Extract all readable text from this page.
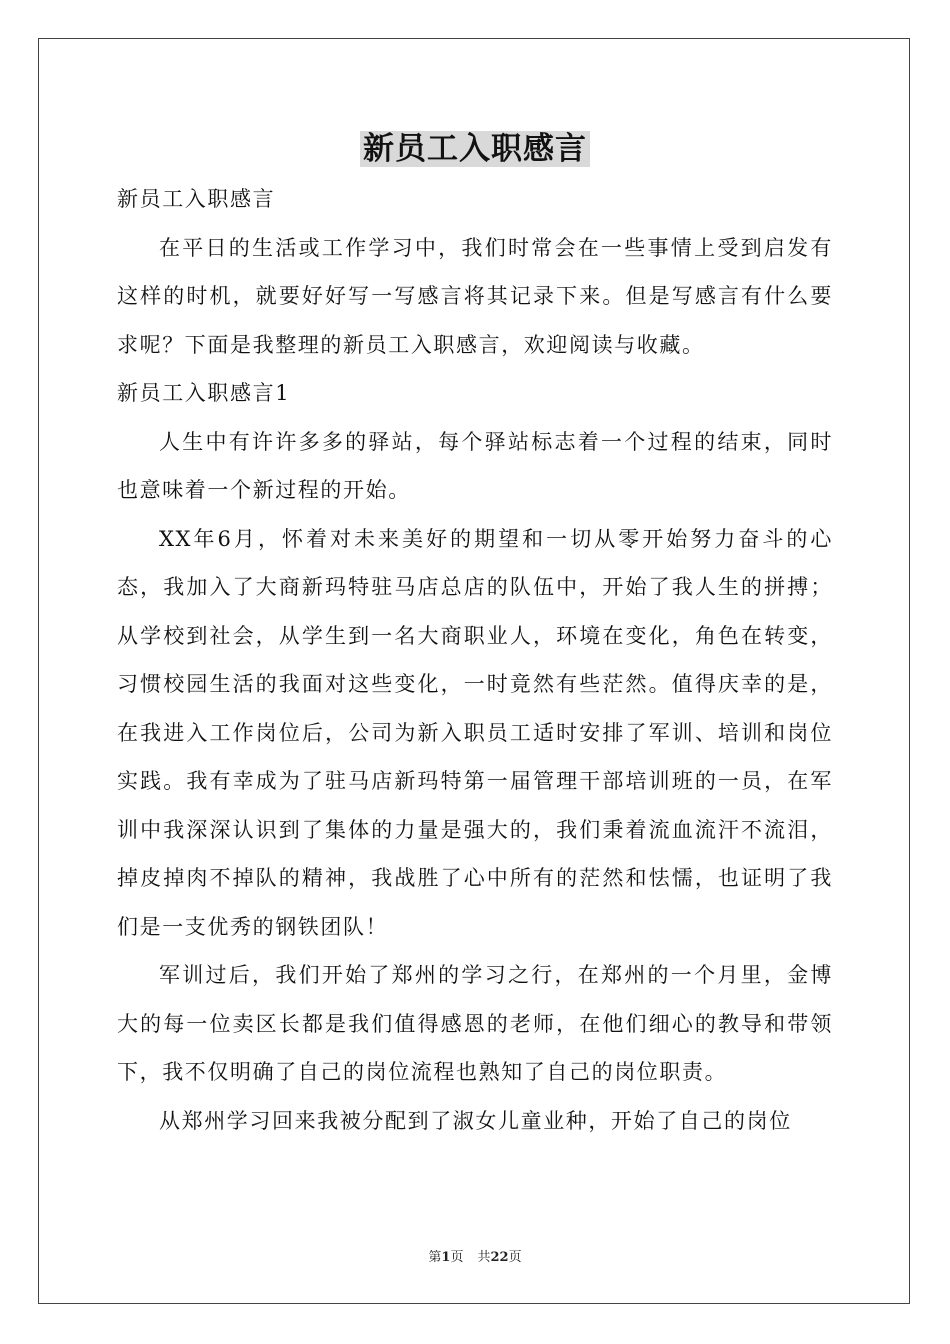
新员工入职感言

新员工入职感言

在平日的生活或工作学习中，我们时常会在一些事情上受到启发有这样的时机，就要好好写一写感言将其记录下来。但是写感言有什么要求呢？下面是我整理的新员工入职感言，欢迎阅读与收藏。

新员工入职感言1

人生中有许许多多的驿站，每个驿站标志着一个过程的结束，同时也意味着一个新过程的开始。

XX年6月，怀着对未来美好的期望和一切从零开始努力奋斗的心态，我加入了大商新玛特驻马店总店的队伍中，开始了我人生的拼搏；从学校到社会，从学生到一名大商职业人，环境在变化，角色在转变，习惯校园生活的我面对这些变化，一时竟然有些茫然。值得庆幸的是，在我进入工作岗位后，公司为新入职员工适时安排了军训、培训和岗位实践。我有幸成为了驻马店新玛特第一届管理干部培训班的一员，在军训中我深深认识到了集体的力量是强大的，我们秉着流血流汗不流泪，掉皮掉肉不掉队的精神，我战胜了心中所有的茫然和怯懦，也证明了我们是一支优秀的钢铁团队！

军训过后，我们开始了郑州的学习之行，在郑州的一个月里，金博大的每一位卖区长都是我们值得感恩的老师，在他们细心的教导和带领下，我不仅明确了自己的岗位流程也熟知了自己的岗位职责。

从郑州学习回来我被分配到了淑女儿童业种，开始了自己的岗位

第1页 共22页
